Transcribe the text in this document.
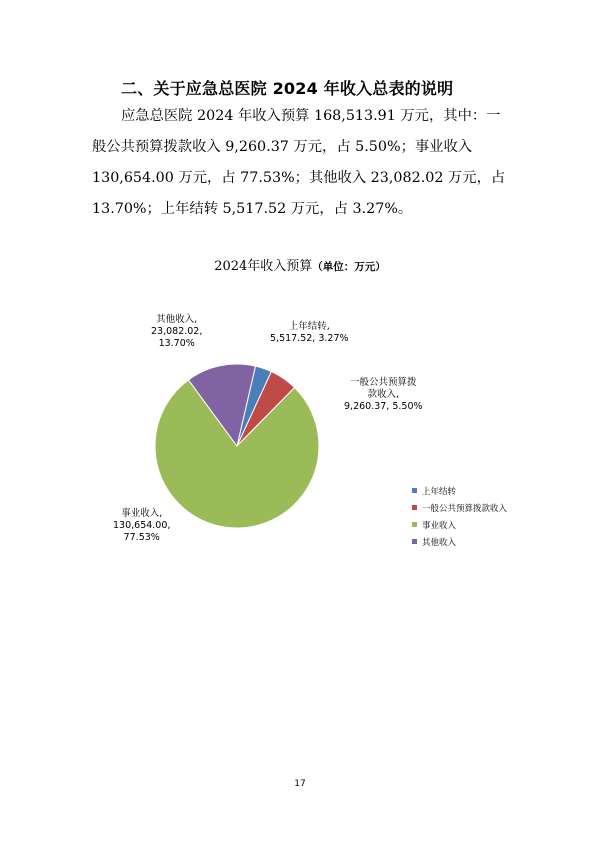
二、关于应急总医院 2024 年收入总表的说明
应急总医院 2024 年收入预算 168,513.91 万元，其中：一
般公共预算拨款收入 9,260.37 万元，占 5.50%；事业收入
130,654.00 万元，占 77.53%；其他收入 23,082.02 万元，占
13.70%；上年结转 5,517.52 万元，占 3.27%。
2024年收入预算（单位：万元）
上年结转,
5,517.52, 3.27%
一般公共预算拨
款收入,
9,260.37, 5.50%
其他收入,
23,082.02,
13.70%
事业收入,
130,654.00,
77.53%
上年结转
一般公共预算拨款收入
事业收入
其他收入
17
